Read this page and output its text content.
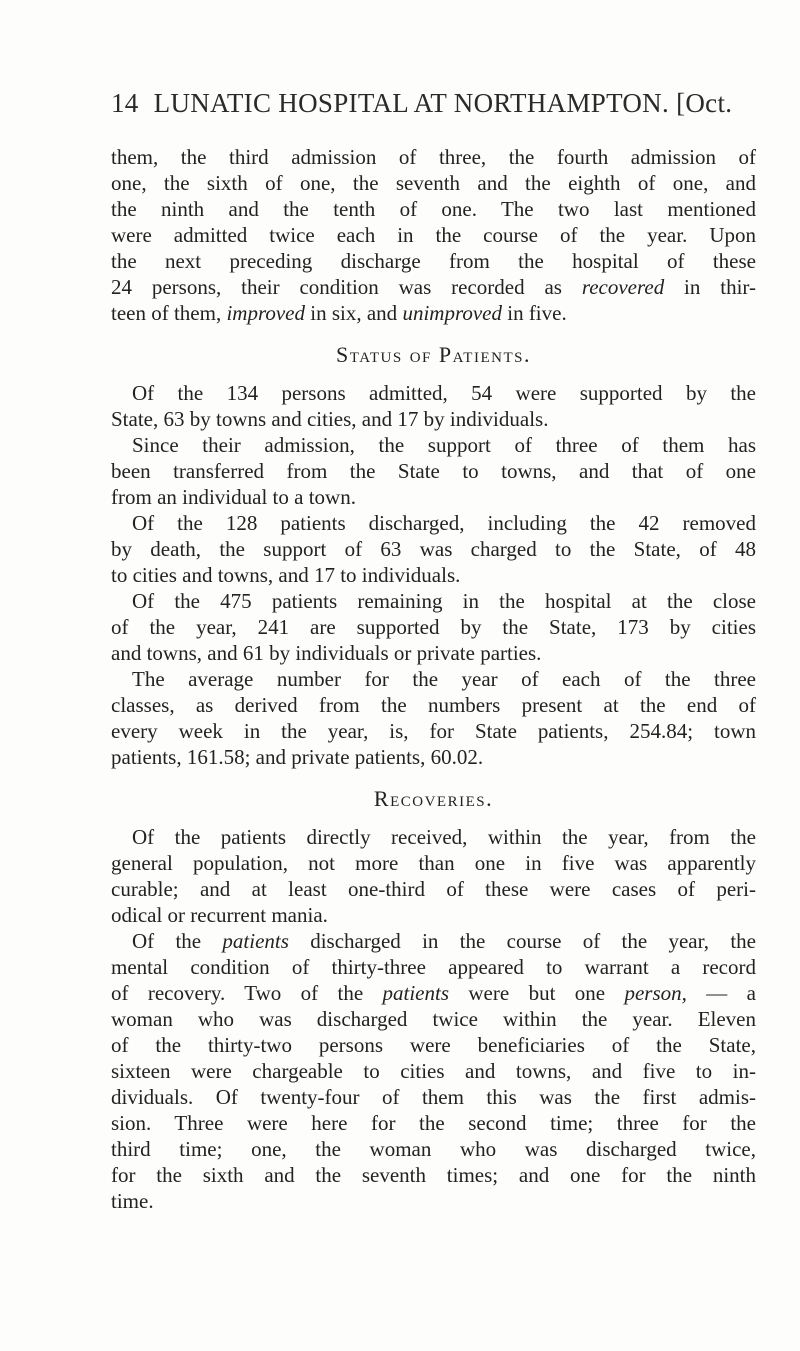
14 LUNATIC HOSPITAL AT NORTHAMPTON. [Oct.
them, the third admission of three, the fourth admission of
one, the sixth of one, the seventh and the eighth of one, and
the ninth and the tenth of one. The two last mentioned
were admitted twice each in the course of the year. Upon
the next preceding discharge from the hospital of these
24 persons, their condition was recorded as recovered in thir-
teen of them, improved in six, and unimproved in five.
Status of Patients.
Of the 134 persons admitted, 54 were supported by the
State, 63 by towns and cities, and 17 by individuals.
Since their admission, the support of three of them has
been transferred from the State to towns, and that of one
from an individual to a town.
Of the 128 patients discharged, including the 42 removed
by death, the support of 63 was charged to the State, of 48
to cities and towns, and 17 to individuals.
Of the 475 patients remaining in the hospital at the close
of the year, 241 are supported by the State, 173 by cities
and towns, and 61 by individuals or private parties.
The average number for the year of each of the three
classes, as derived from the numbers present at the end of
every week in the year, is, for State patients, 254.84; town
patients, 161.58; and private patients, 60.02.
Recoveries.
Of the patients directly received, within the year, from the
general population, not more than one in five was apparently
curable; and at least one-third of these were cases of peri-
odical or recurrent mania.
Of the patients discharged in the course of the year, the
mental condition of thirty-three appeared to warrant a record
of recovery. Two of the patients were but one person, — a
woman who was discharged twice within the year. Eleven
of the thirty-two persons were beneficiaries of the State,
sixteen were chargeable to cities and towns, and five to in-
dividuals. Of twenty-four of them this was the first admis-
sion. Three were here for the second time; three for the
third time; one, the woman who was discharged twice,
for the sixth and the seventh times; and one for the ninth
time.
